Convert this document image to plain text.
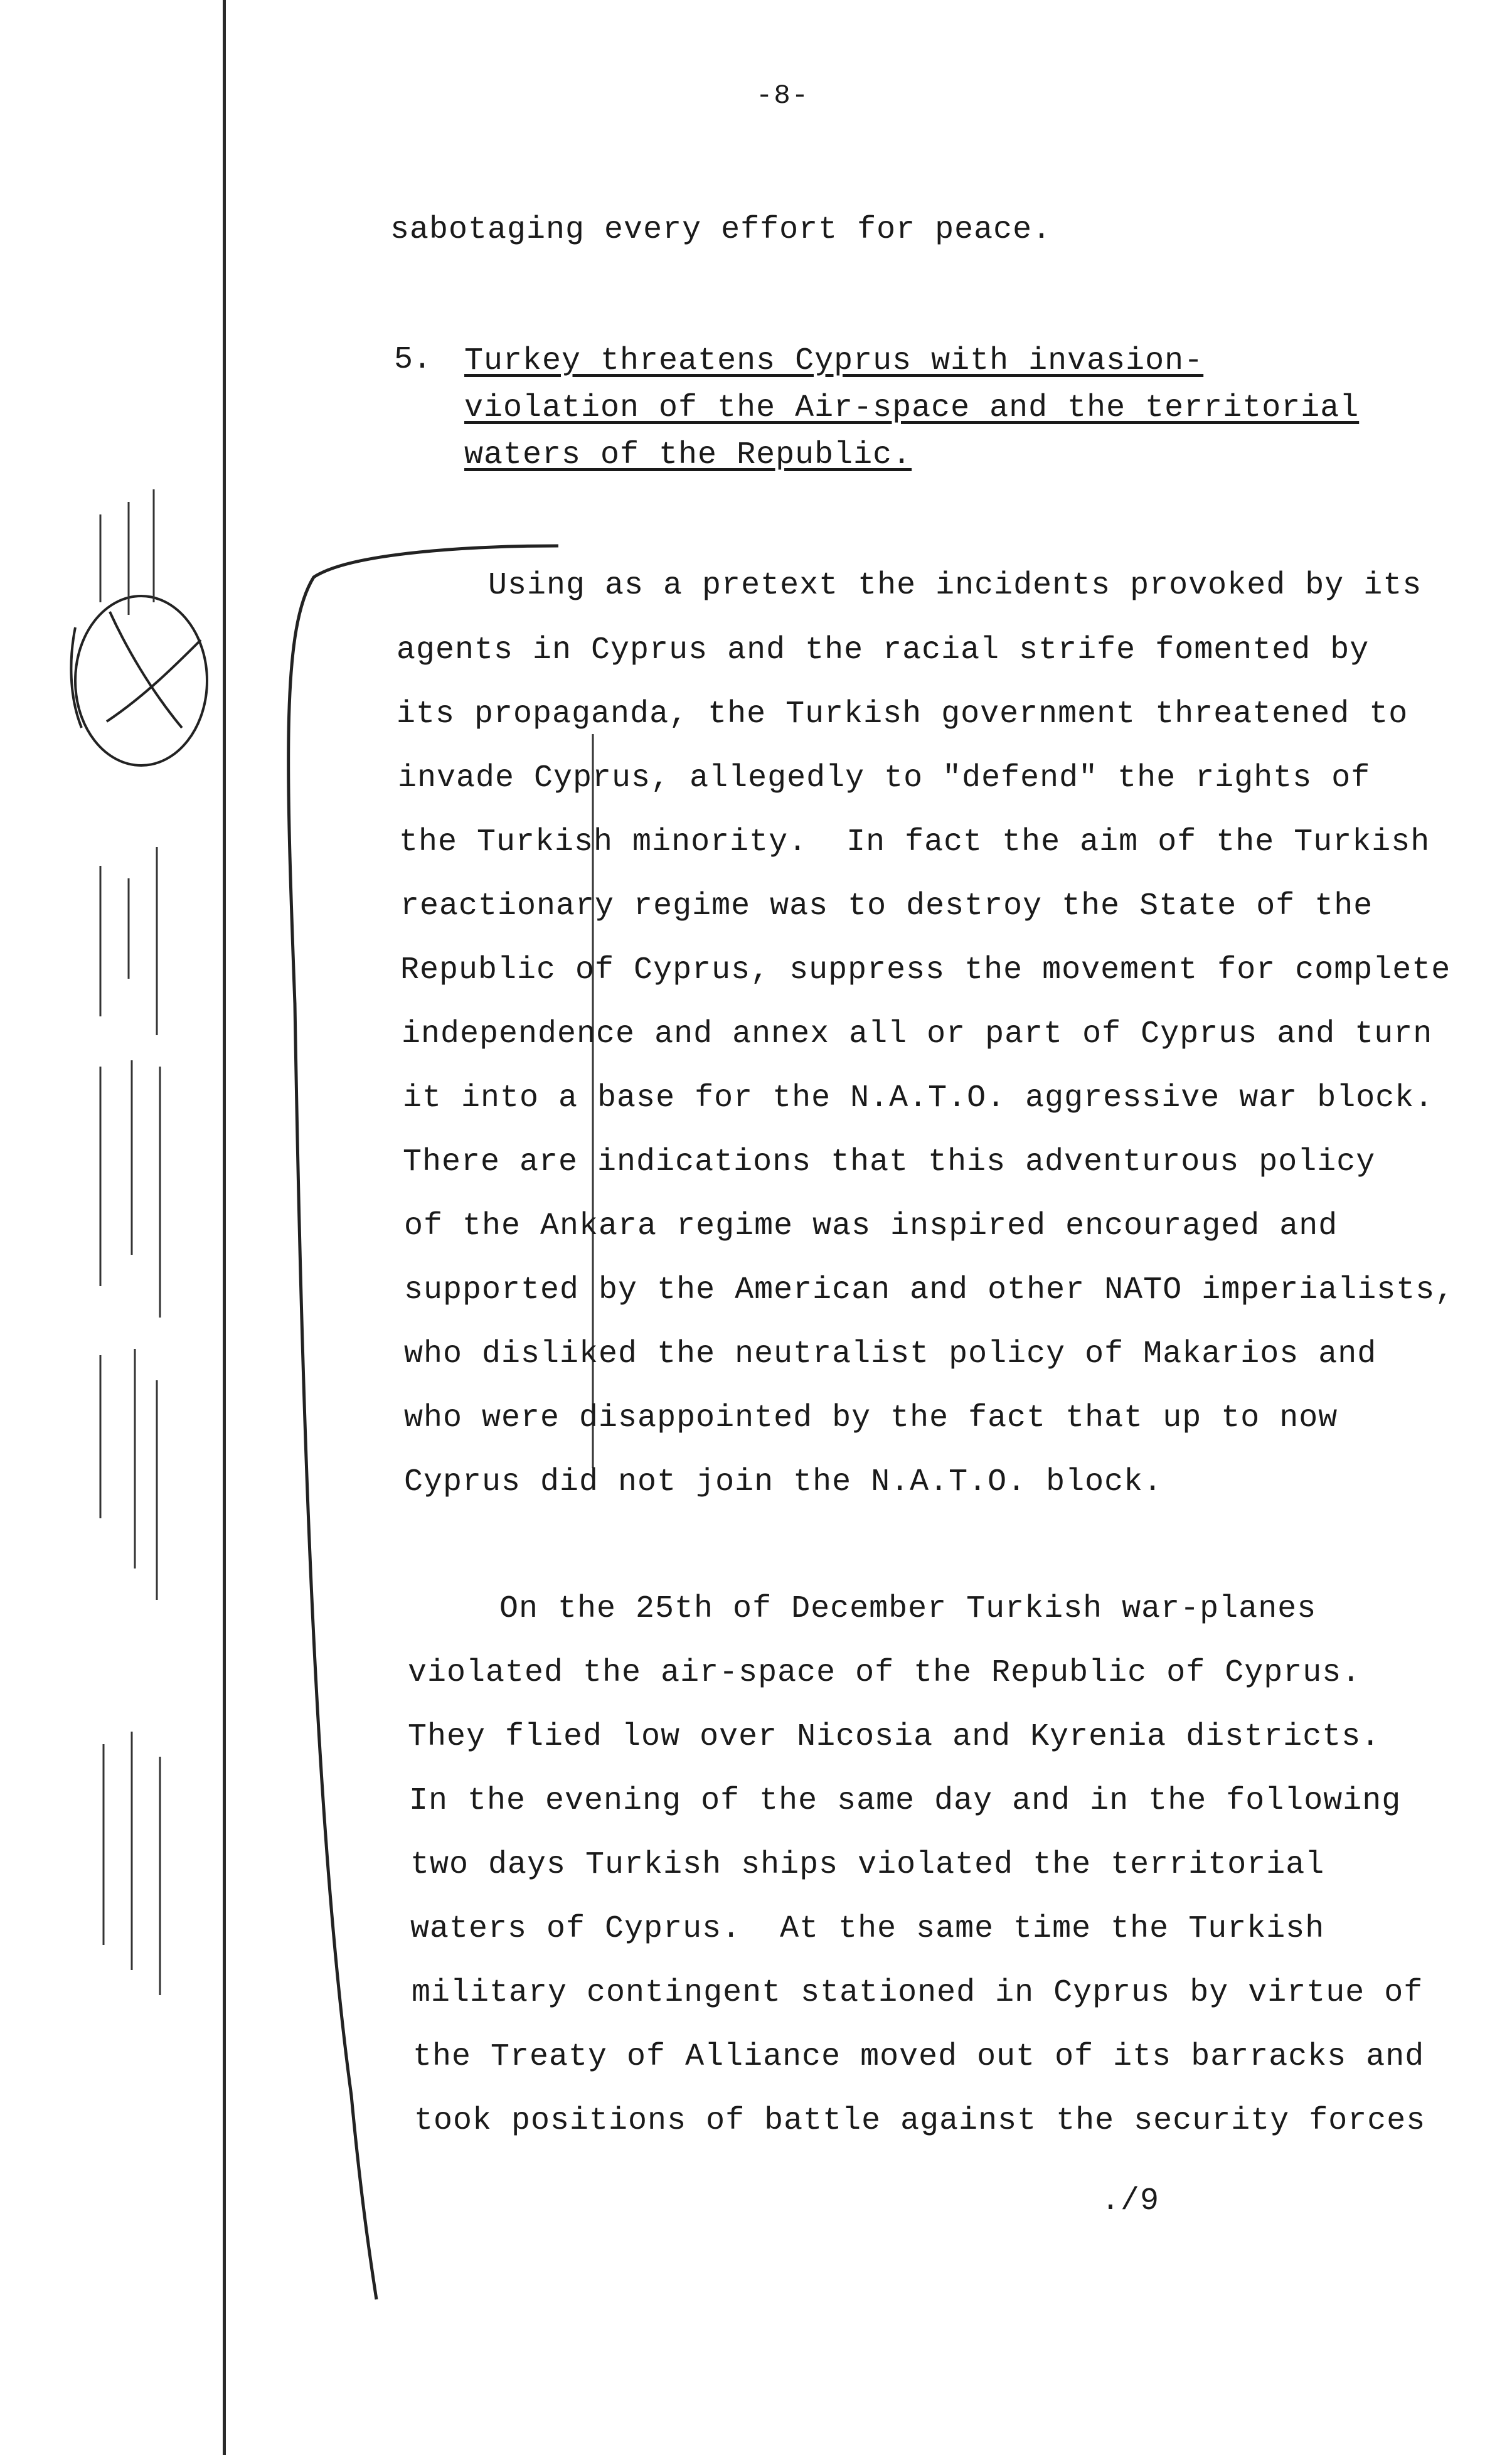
-8-
sabotaging every effort for peace.
5. Turkey threatens Cyprus with invasion-violation of the Air-space and the territorial waters of the Republic.
Using as a pretext the incidents provoked by its
agents in Cyprus and the racial strife fomented by
its propaganda, the Turkish government threatened to
invade Cyprus, allegedly to "defend" the rights of
the Turkish minority.  In fact the aim of the Turkish
reactionary regime was to destroy the State of the
Republic of Cyprus, suppress the movement for complete
independence and annex all or part of Cyprus and turn
it into a base for the N.A.T.O. aggressive war block.
There are indications that this adventurous policy
of the Ankara regime was inspired encouraged and
supported by the American and other NATO imperialists,
who disliked the neutralist policy of Makarios and
who were disappointed by the fact that up to now
Cyprus did not join the N.A.T.O. block.
On the 25th of December Turkish war-planes
violated the air-space of the Republic of Cyprus.
They flied low over Nicosia and Kyrenia districts.
In the evening of the same day and in the following
two days Turkish ships violated the territorial
waters of Cyprus.  At the same time the Turkish
military contingent stationed in Cyprus by virtue of
the Treaty of Alliance moved out of its barracks and
took positions of battle against the security forces
./9
